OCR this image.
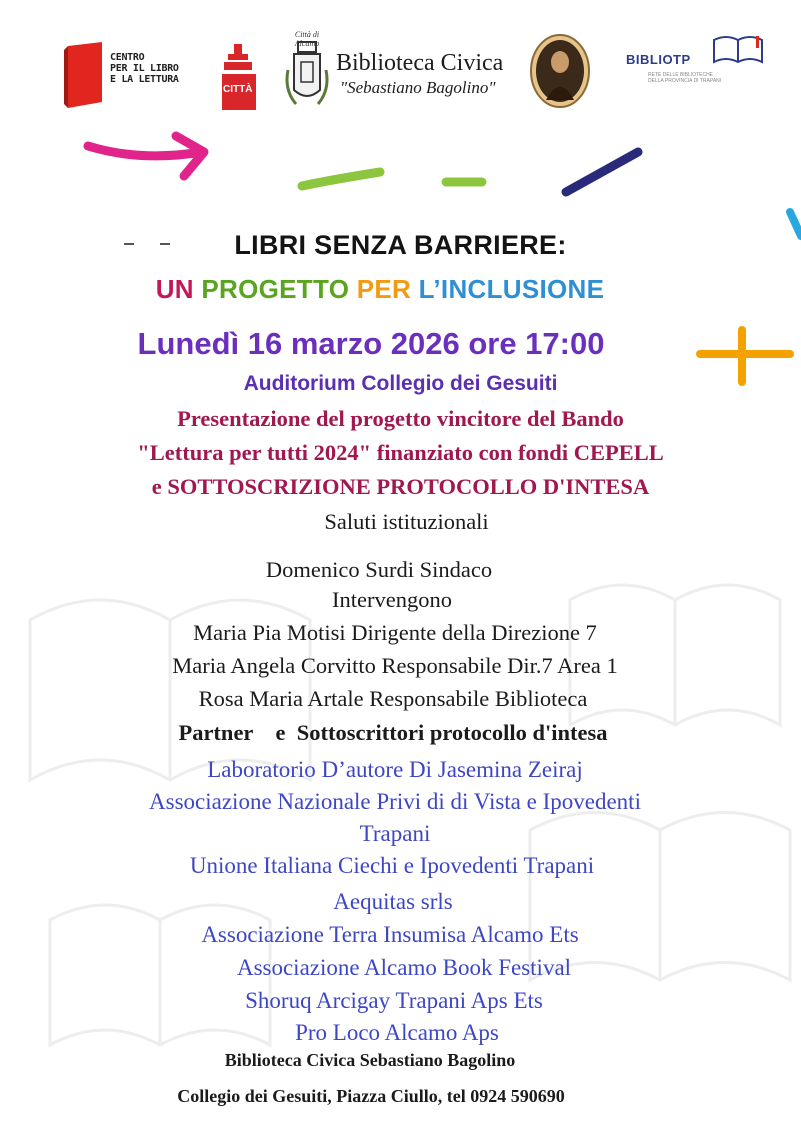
CENTRO
PER IL LIBRO
E LA LETTURA
CITTÀ
Città di Alcamo
Biblioteca Civica
"Sebastiano Bagolino"
BIBLIOTP
RETE DELLE BIBLIOTECHE DELLA PROVINCIA DI TRAPANI
LIBRI SENZA BARRIERE:
UN PROGETTO PER L’INCLUSIONE
Lunedì 16 marzo 2026 ore 17:00
Auditorium Collegio dei Gesuiti
Presentazione del progetto vincitore del Bando
"Lettura per tutti 2024" finanziato con fondi CEPELL
e SOTTOSCRIZIONE PROTOCOLLO D'INTESA
Saluti istituzionali
Domenico Surdi Sindaco
Intervengono
Maria Pia Motisi Dirigente della Direzione 7
Maria Angela Corvitto Responsabile Dir.7 Area 1
Rosa Maria Artale Responsabile Biblioteca
Partner    e  Sottoscrittori protocollo d'intesa
Laboratorio D’autore Di Jasemina Zeiraj
Associazione Nazionale Privi di di Vista e Ipovedenti
Trapani
Unione Italiana Ciechi e Ipovedenti Trapani
Aequitas srls
Associazione Terra Insumisa Alcamo Ets
Associazione Alcamo Book Festival
Shoruq Arcigay Trapani Aps Ets
Pro Loco Alcamo Aps
Biblioteca Civica Sebastiano Bagolino
Collegio dei Gesuiti, Piazza Ciullo, tel 0924 590690
